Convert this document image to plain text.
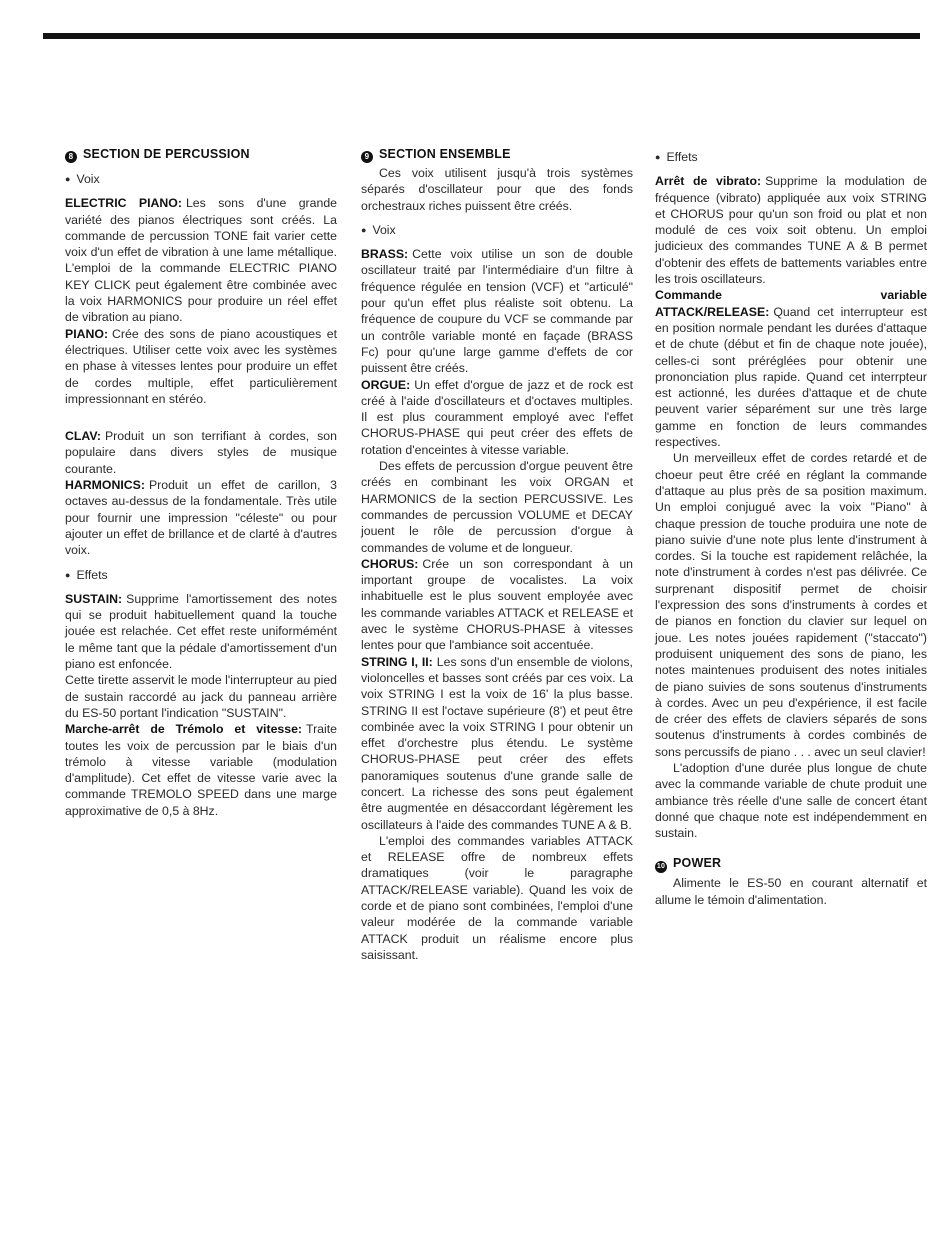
8 SECTION DE PERCUSSION

● Voix

ELECTRIC PIANO: Les sons d'une grande variété des pianos électriques sont créés. La commande de percussion TONE fait varier cette voix d'un effet de vibration à une lame métallique. L'emploi de la commande ELECTRIC PIANO KEY CLICK peut également être combinée avec la voix HARMONICS pour produire un réel effet de vibration au piano.

PIANO: Crée des sons de piano acoustiques et électriques. Utiliser cette voix avec les systèmes en phase à vitesses lentes pour produire un effet de cordes multiple, effet particulièrement impressionnant en stéréo.

CLAV: Produit un son terrifiant à cordes, son populaire dans divers styles de musique courante.

HARMONICS: Produit un effet de carillon, 3 octaves au-dessus de la fondamentale. Très utile pour fournir une impression "céleste" ou pour ajouter un effet de brillance et de clarté à d'autres voix.

● Effets

SUSTAIN: Supprime l'amortissement des notes qui se produit habituellement quand la touche jouée est relachée. Cet effet reste uniformémént le même tant que la pédale d'amortissement d'un piano est enfoncée.

Cette tirette asservit le mode l'interrupteur au pied de sustain raccordé au jack du panneau arrière du ES-50 portant l'indication "SUSTAIN".

Marche-arrêt de Trémolo et vitesse: Traite toutes les voix de percussion par le biais d'un trémolo à vitesse variable (modulation d'amplitude). Cet effet de vitesse varie avec la commande TREMOLO SPEED dans une marge approximative de 0,5 à 8Hz.

9 SECTION ENSEMBLE

Ces voix utilisent jusqu'à trois systèmes séparés d'oscillateur pour que des fonds orchestraux riches puissent être créés.

● Voix

BRASS: Cette voix utilise un son de double oscillateur traité par l'intermédiaire d'un filtre à fréquence régulée en tension (VCF) et "articulé" pour qu'un effet plus réaliste soit obtenu. La fréquence de coupure du VCF se commande par un contrôle variable monté en façade (BRASS Fc) pour qu'une large gamme d'effets de cor puissent être créés.

ORGUE: Un effet d'orgue de jazz et de rock est créé à l'aide d'oscillateurs et d'octaves multiples. Il est plus couramment employé avec l'effet CHORUS-PHASE qui peut créer des effets de rotation d'enceintes à vitesse variable.

Des effets de percussion d'orgue peuvent être créés en combinant les voix ORGAN et HARMONICS de la section PERCUSSIVE. Les commandes de percussion VOLUME et DECAY jouent le rôle de percussion d'orgue à commandes de volume et de longueur.

CHORUS: Crée un son correspondant à un important groupe de vocalistes. La voix inhabituelle est le plus souvent employée avec les commande variables ATTACK et RELEASE et avec le système CHORUS-PHASE à vitesses lentes pour que l'ambiance soit accentuée.

STRING I, II: Les sons d'un ensemble de violons, violoncelles et basses sont créés par ces voix. La voix STRING I est la voix de 16' la plus basse. STRING II est l'octave supérieure (8') et peut être combinée avec la voix STRING I pour obtenir un effet d'orchestre plus étendu. Le système CHORUS-PHASE peut créer des effets panoramiques soutenus d'une grande salle de concert. La richesse des sons peut également être augmentée en désaccordant légèrement les oscillateurs à l'aide des commandes TUNE A & B.

L'emploi des commandes variables ATTACK et RELEASE offre de nombreux effets dramatiques (voir le paragraphe ATTACK/RELEASE variable). Quand les voix de corde et de piano sont combinées, l'emploi d'une valeur modérée de la commande variable ATTACK produit un réalisme encore plus saisissant.

● Effets

Arrêt de vibrato: Supprime la modulation de fréquence (vibrato) appliquée aux voix STRING et CHORUS pour qu'un son froid ou plat et non modulé de ces voix soit obtenu. Un emploi judicieux des commandes TUNE A & B permet d'obtenir des effets de battements variables entre les trois oscillateurs.

Commande variable ATTACK/RELEASE: Quand cet interrupteur est en position normale pendant les durées d'attaque et de chute (début et fin de chaque note jouée), celles-ci sont préréglées pour obtenir une prononciation plus rapide. Quand cet interrpteur est actionné, les durées d'attaque et de chute peuvent varier séparément sur une très large gamme en fonction de leurs commandes respectives.

Un merveilleux effet de cordes retardé et de choeur peut être créé en réglant la commande d'attaque au plus près de sa position maximum. Un emploi conjugué avec la voix "Piano" à chaque pression de touche produira une note de piano suivie d'une note plus lente d'instrument à cordes. Si la touche est rapidement relâchée, la note d'instrument à cordes n'est pas délivrée. Ce surprenant dispositif permet de choisir l'expression des sons d'instruments à cordes et de pianos en fonction du clavier sur lequel on joue. Les notes jouées rapidement ("staccato") produisent uniquement des sons de piano, les notes maintenues produisent des notes initiales de piano suivies de sons soutenus d'instruments à cordes. Avec un peu d'expérience, il est facile de créer des effets de claviers séparés de sons soutenus d'instruments à cordes combinés de sons percussifs de piano . . . avec un seul clavier!

L'adoption d'une durée plus longue de chute avec la commande variable de chute produit une ambiance très réelle d'une salle de concert étant donné que chaque note est indépendemment en sustain.

10 POWER

Alimente le ES-50 en courant alternatif et allume le témoin d'alimentation.
